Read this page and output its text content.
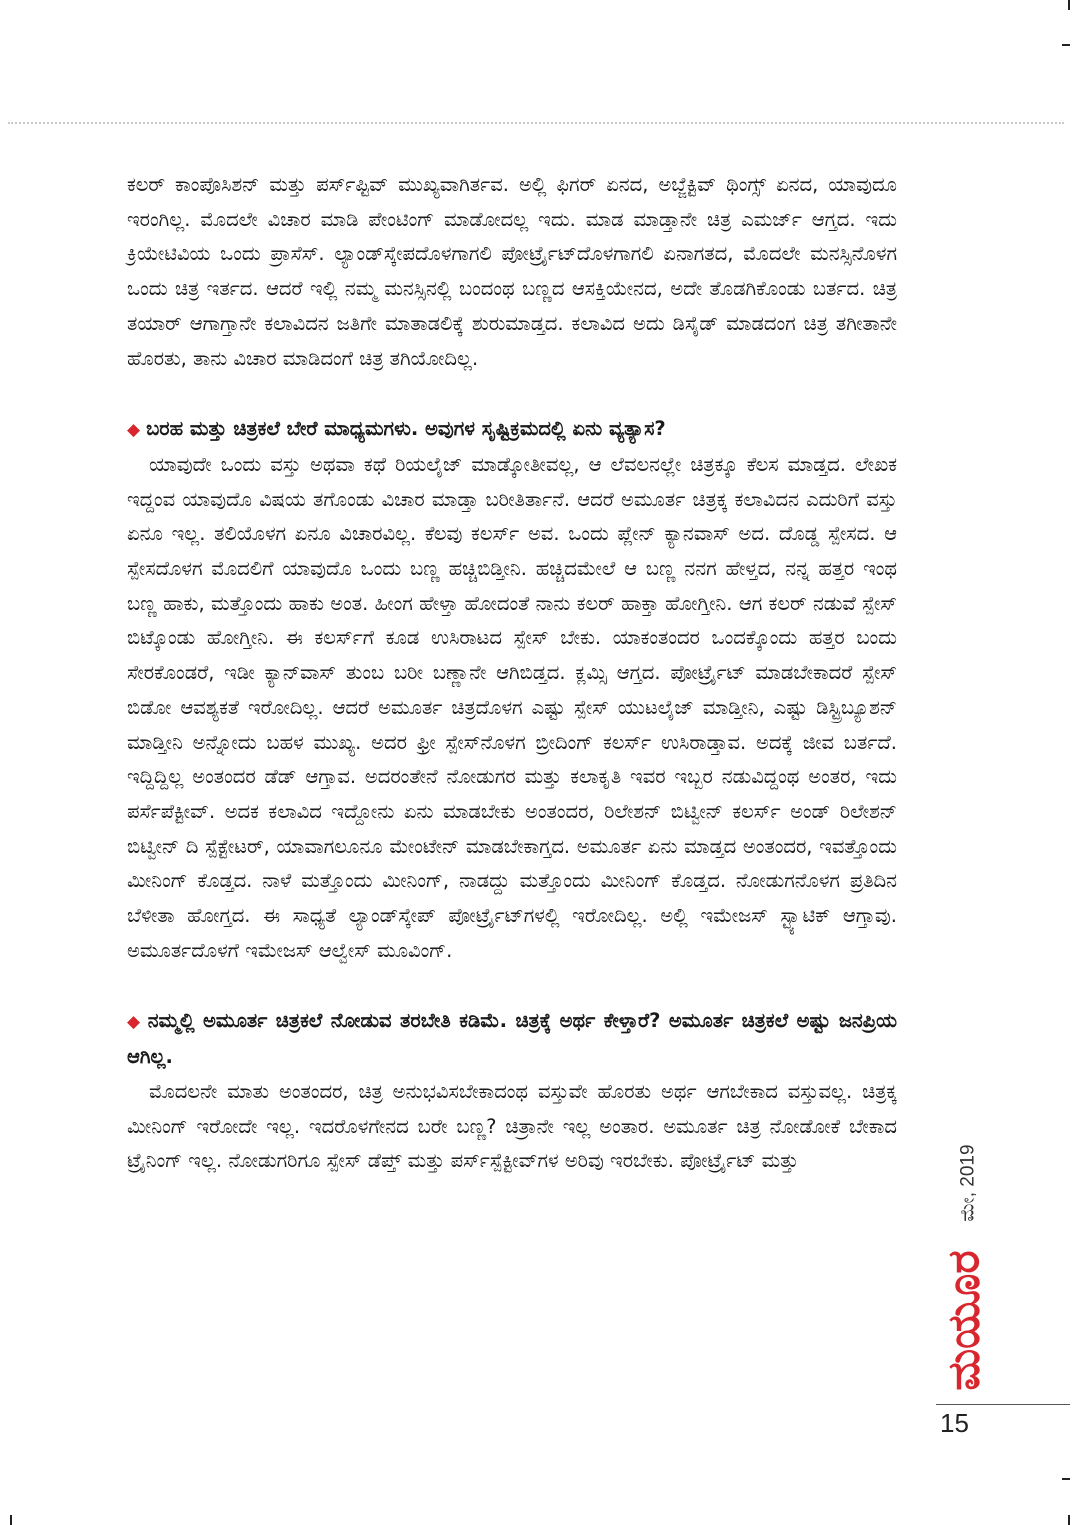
ಕಲರ್ ಕಾಂಪೊಸಿಶನ್ ಮತ್ತು ಪರ್ಸ್‌ಪ್ಟಿವ್ ಮುಖ್ಯವಾಗಿರ್ತವ. ಅಲ್ಲಿ ಫಿಗರ್ ಏನದ, ಅಬ್ಜೆಕ್ಟಿವ್ ಥಿಂಗ್ಸ್ ಏನದ, ಯಾವುದೂ ಇರಂಗಿಲ್ಲ. ಮೊದಲೇ ವಿಚಾರ ಮಾಡಿ ಪೇಂಟಿಂಗ್ ಮಾಡೋದಲ್ಲ ಇದು. ಮಾಡ ಮಾಡ್ತಾನೇ ಚಿತ್ರ ಎಮರ್ಜ್ ಆಗ್ತದ. ಇದು ಕ್ರಿಯೇಟಿವಿಯ ಒಂದು ಪ್ರಾಸೆಸ್. ಲ್ಯಾಂಡ್‌ಸ್ಕೇಪದೊಳಗಾಗಲಿ ಪೋರ್ಟ್ರೈಟ್‌ದೊಳಗಾಗಲಿ ಏನಾಗತದ, ಮೊದಲೇ ಮನಸ್ಸಿನೊಳಗ ಒಂದು ಚಿತ್ರ ಇರ್ತದ. ಆದರೆ ಇಲ್ಲಿ ನಮ್ಮ ಮನಸ್ಸಿನಲ್ಲಿ ಬಂದಂಥ ಬಣ್ಣದ ಆಸಕ್ತಿಯೇನದ, ಅದೇ ತೊಡಗಿಕೊಂಡು ಬರ್ತದ. ಚಿತ್ರ ತಯಾರ್ ಆಗಾಗ್ತಾನೇ ಕಲಾವಿದನ ಜತಿಗೇ ಮಾತಾಡಲಿಕ್ಕೆ ಶುರುಮಾಡ್ತದ. ಕಲಾವಿದ ಅದು ಡಿಸೈಡ್ ಮಾಡದಂಗ ಚಿತ್ರ ತಗೀತಾನೇ ಹೊರತು, ತಾನು ವಿಚಾರ ಮಾಡಿದಂಗೆ ಚಿತ್ರ ತಗಿಯೋದಿಲ್ಲ.

◆ ಬರಹ ಮತ್ತು ಚಿತ್ರಕಲೆ ಬೇರೆ ಮಾಧ್ಯಮಗಳು. ಅವುಗಳ ಸೃಷ್ಟಿಕ್ರಮದಲ್ಲಿ ಏನು ವ್ಯತ್ಯಾಸ?

ಯಾವುದೇ ಒಂದು ವಸ್ತು ಅಥವಾ ಕಥೆ ರಿಯಲೈಜ್ ಮಾಡ್ಕೋತೀವಲ್ಲ, ಆ ಲೆವಲನಲ್ಲೇ ಚಿತ್ರಕ್ಕೂ ಕೆಲಸ ಮಾಡ್ತದ. ಲೇಖಕ ಇದ್ದಂವ ಯಾವುದೊ ವಿಷಯ ತಗೊಂಡು ವಿಚಾರ ಮಾಡ್ತಾ ಬರೀತಿರ್ತಾನೆ. ಆದರೆ ಅಮೂರ್ತ ಚಿತ್ರಕ್ಕ ಕಲಾವಿದನ ಎದುರಿಗೆ ವಸ್ತು ಏನೂ ಇಲ್ಲ. ತಲಿಯೊಳಗ ಏನೂ ವಿಚಾರವಿಲ್ಲ. ಕೆಲವು ಕಲರ್ಸ್ ಅವ. ಒಂದು ಪ್ಲೇನ್ ಕ್ಯಾನವಾಸ್ ಅದ. ದೊಡ್ಡ ಸ್ಪೇಸದ. ಆ ಸ್ಪೇಸದೊಳಗ ಮೊದಲಿಗೆ ಯಾವುದೊ ಒಂದು ಬಣ್ಣ ಹಚ್ಚಿಬಿಡ್ತೀನಿ. ಹಚ್ಚಿದಮೇಲೆ ಆ ಬಣ್ಣ ನನಗ ಹೇಳ್ತದ, ನನ್ನ ಹತ್ತರ ಇಂಥ ಬಣ್ಣ ಹಾಕು, ಮತ್ತೊಂದು ಹಾಕು ಅಂತ. ಹೀಂಗ ಹೇಳ್ತಾ ಹೋದಂತೆ ನಾನು ಕಲರ್ ಹಾಕ್ತಾ ಹೋಗ್ತೀನಿ. ಆಗ ಕಲರ್ ನಡುವೆ ಸ್ಪೇಸ್ ಬಿಟ್ಕೊಂಡು ಹೋಗ್ತೀನಿ. ಈ ಕಲರ್ಸ್‌ಗೆ ಕೂಡ ಉಸಿರಾಟದ ಸ್ಪೇಸ್ ಬೇಕು. ಯಾಕಂತಂದರ ಒಂದಕ್ಕೊಂದು ಹತ್ತರ ಬಂದು ಸೇರಕೊಂಡರೆ, ಇಡೀ ಕ್ಯಾನ್‌ವಾಸ್ ತುಂಬ ಬರೀ ಬಣ್ಣಾನೇ ಆಗಿಬಿಡ್ತದ. ಕ್ಲಮ್ಸಿ ಆಗ್ತದ. ಪೋರ್ಟ್ರೈಟ್ ಮಾಡಬೇಕಾದರೆ ಸ್ಪೇಸ್ ಬಿಡೋ ಆವಶ್ಯಕತೆ ಇರೋದಿಲ್ಲ. ಆದರೆ ಅಮೂರ್ತ ಚಿತ್ರದೊಳಗ ಎಷ್ಟು ಸ್ಪೇಸ್ ಯುಟಲೈಜ್ ಮಾಡ್ತೀನಿ, ಎಷ್ಟು ಡಿಸ್ಟ್ರಿಬ್ಯೂಶನ್ ಮಾಡ್ತೀನಿ ಅನ್ನೋದು ಬಹಳ ಮುಖ್ಯ. ಅದರ ಫ್ರೀ ಸ್ಪೇಸ್‌ನೊಳಗ ಬ್ರೀದಿಂಗ್ ಕಲರ್ಸ್ ಉಸಿರಾಡ್ತಾವ. ಅದಕ್ಕೆ ಜೀವ ಬರ್ತದೆ. ಇದ್ದಿದ್ದಿಲ್ಲ ಅಂತಂದರ ಡೆಡ್ ಆಗ್ತಾವ. ಅದರಂತೇನೆ ನೋಡುಗರ ಮತ್ತು ಕಲಾಕೃತಿ ಇವರ ಇಬ್ಬರ ನಡುವಿದ್ದಂಥ ಅಂತರ, ಇದು ಪರ್ಸೆಪೆಕ್ಟೀವ್. ಅದಕ ಕಲಾವಿದ ಇದ್ದೋನು ಏನು ಮಾಡಬೇಕು ಅಂತಂದರ, ರಿಲೇಶನ್ ಬಿಟ್ವೀನ್ ಕಲರ್ಸ್ ಅಂಡ್ ರಿಲೇಶನ್ ಬಿಟ್ವೀನ್ ದಿ ಸ್ಪೆಕ್ಟೇಟರ್, ಯಾವಾಗಲೂನೂ ಮೇಂಟೇನ್ ಮಾಡಬೇಕಾಗ್ತದ. ಅಮೂರ್ತ ಏನು ಮಾಡ್ತದ ಅಂತಂದರ, ಇವತ್ತೊಂದು ಮೀನಿಂಗ್ ಕೊಡ್ತದ. ನಾಳೆ ಮತ್ತೊಂದು ಮೀನಿಂಗ್, ನಾಡದ್ದು ಮತ್ತೊಂದು ಮೀನಿಂಗ್ ಕೊಡ್ತದ. ನೋಡುಗನೊಳಗ ಪ್ರತಿದಿನ ಬೆಳೀತಾ ಹೋಗ್ತದ. ಈ ಸಾಧ್ಯತೆ ಲ್ಯಾಂಡ್‌ಸ್ಕೇಪ್ ಪೋರ್ಟ್ರೈಟ್‌ಗಳಲ್ಲಿ ಇರೋದಿಲ್ಲ. ಅಲ್ಲಿ ಇಮೇಜಸ್ ಸ್ಟ್ಯಾಟಿಕ್ ಆಗ್ತಾವು. ಅಮೂರ್ತದೊಳಗೆ ಇಮೇಜಸ್ ಆಲ್ವೇಸ್ ಮೂವಿಂಗ್.

◆ ನಮ್ಮಲ್ಲಿ ಅಮೂರ್ತ ಚಿತ್ರಕಲೆ ನೋಡುವ ತರಬೇತಿ ಕಡಿಮೆ. ಚಿತ್ರಕ್ಕೆ ಅರ್ಥ ಕೇಳ್ತಾರೆ? ಅಮೂರ್ತ ಚಿತ್ರಕಲೆ ಅಷ್ಟು ಜನಪ್ರಿಯ ಆಗಿಲ್ಲ.

ಮೊದಲನೇ ಮಾತು ಅಂತಂದರ, ಚಿತ್ರ ಅನುಭವಿಸಬೇಕಾದಂಥ ವಸ್ತುವೇ ಹೊರತು ಅರ್ಥ ಆಗಬೇಕಾದ ವಸ್ತುವಲ್ಲ. ಚಿತ್ರಕ್ಕ ಮೀನಿಂಗ್ ಇರೋದೇ ಇಲ್ಲ. ಇದರೊಳಗೇನದ ಬರೇ ಬಣ್ಣ? ಚಿತ್ರಾನೇ ಇಲ್ಲ ಅಂತಾರ. ಅಮೂರ್ತ ಚಿತ್ರ ನೋಡೋಕೆ ಬೇಕಾದ ಟ್ರೈನಿಂಗ್ ಇಲ್ಲ. ನೋಡುಗರಿಗೂ ಸ್ಪೇಸ್ ಡೆಪ್ತ್ ಮತ್ತು ಪರ್ಸ್‌ಸ್ಪೆಕ್ಟೀವ್‌ಗಳ ಅರಿವು ಇರಬೇಕು. ಪೋರ್ಟ್ರೈಟ್ ಮತ್ತು	ಮೇ, 2019
ಮಯೂರ
15
